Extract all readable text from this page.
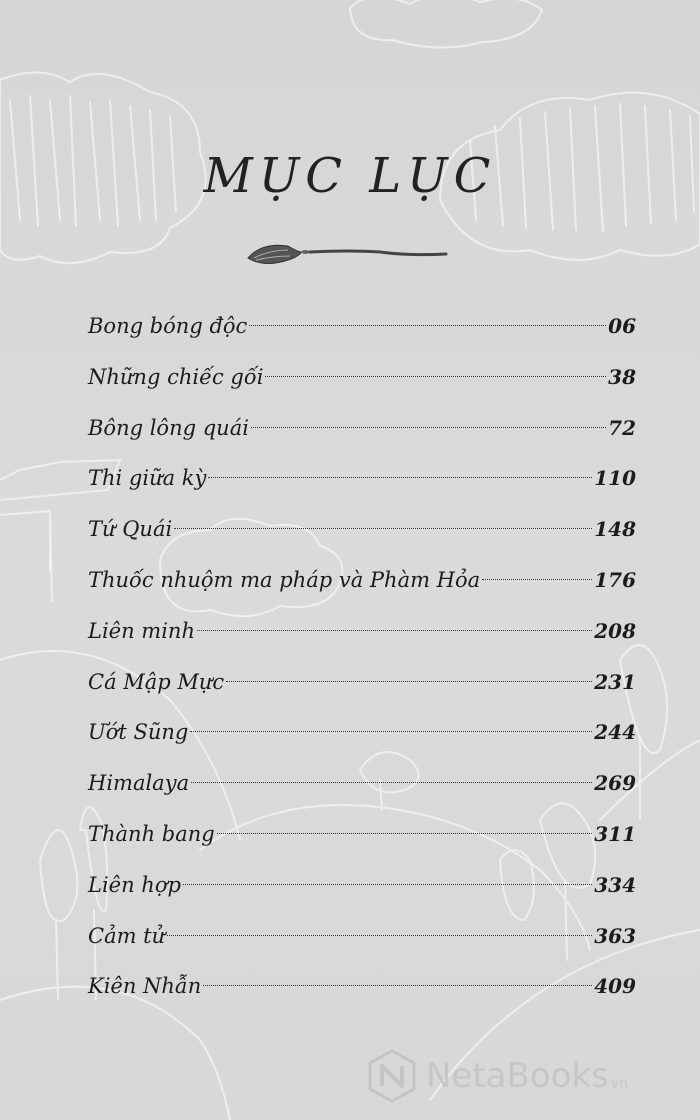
MỤC LỤC
Bong bóng độc	06
Những chiếc gối	38
Bông lông quái	72
Thi giữa kỳ	110
Tứ Quái	148
Thuốc nhuộm ma pháp và Phàm Hỏa	176
Liên minh	208
Cá Mập Mực	231
Ướt Sũng	244
Himalaya	269
Thành bang	311
Liên hợp	334
Cảm tử	363
Kiên Nhẫn	409
NetaBooks vn
